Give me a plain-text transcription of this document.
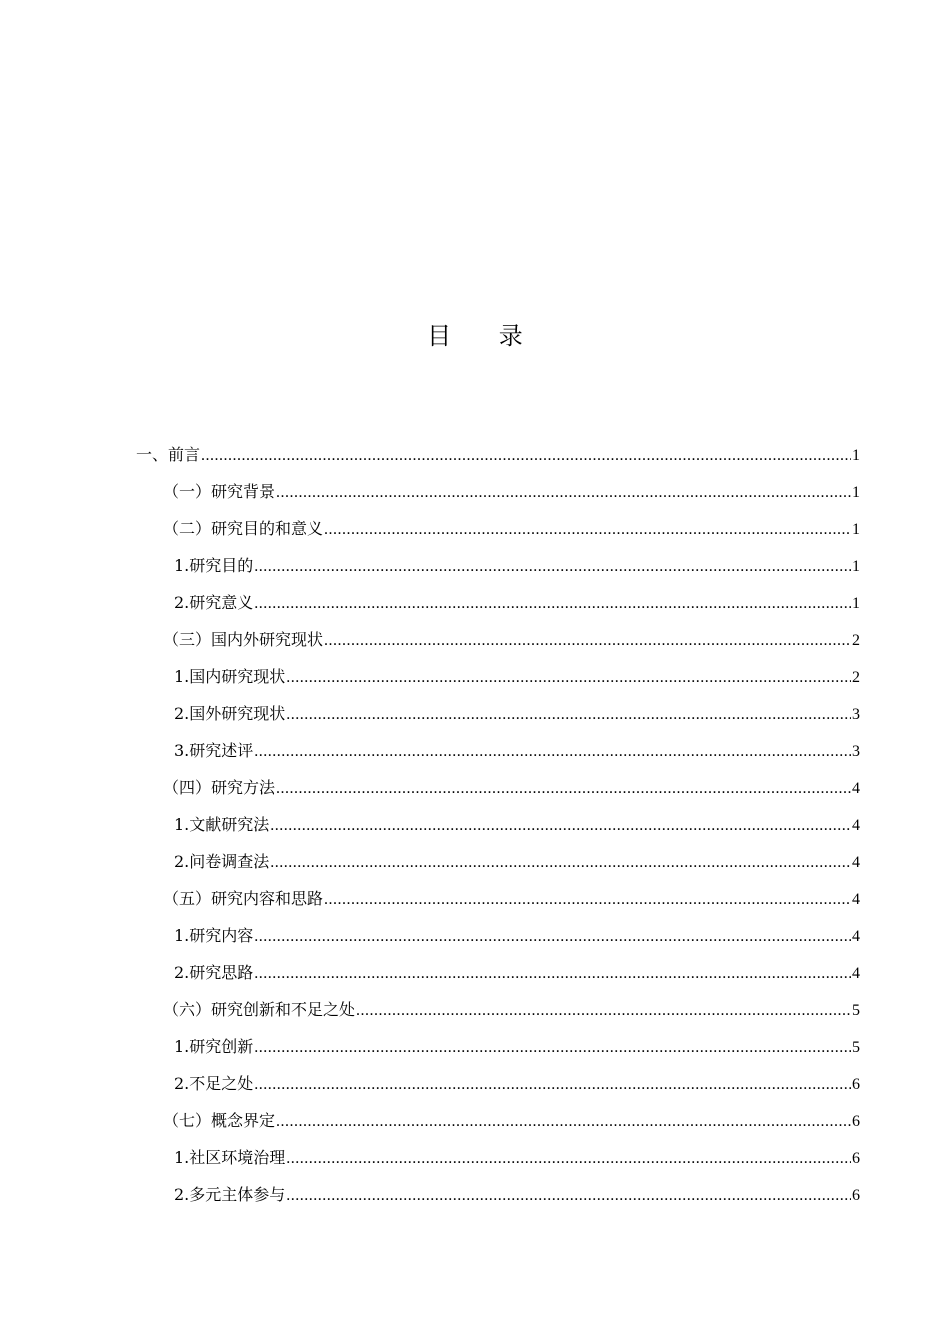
目 录
一、前言 .....	1
（一）研究背景 .....	1
（二）研究目的和意义 .....	1
1.研究目的 .....	1
2.研究意义 .....	1
（三）国内外研究现状 .....	2
1.国内研究现状 .....	2
2.国外研究现状 .....	3
3.研究述评 .....	3
（四）研究方法 .....	4
1.文献研究法 .....	4
2.问卷调查法 .....	4
（五）研究内容和思路 .....	4
1.研究内容 .....	4
2.研究思路 .....	4
（六）研究创新和不足之处 .....	5
1.研究创新 .....	5
2.不足之处 .....	6
（七）概念界定 .....	6
1.社区环境治理 .....	6
2.多元主体参与 .....	6
